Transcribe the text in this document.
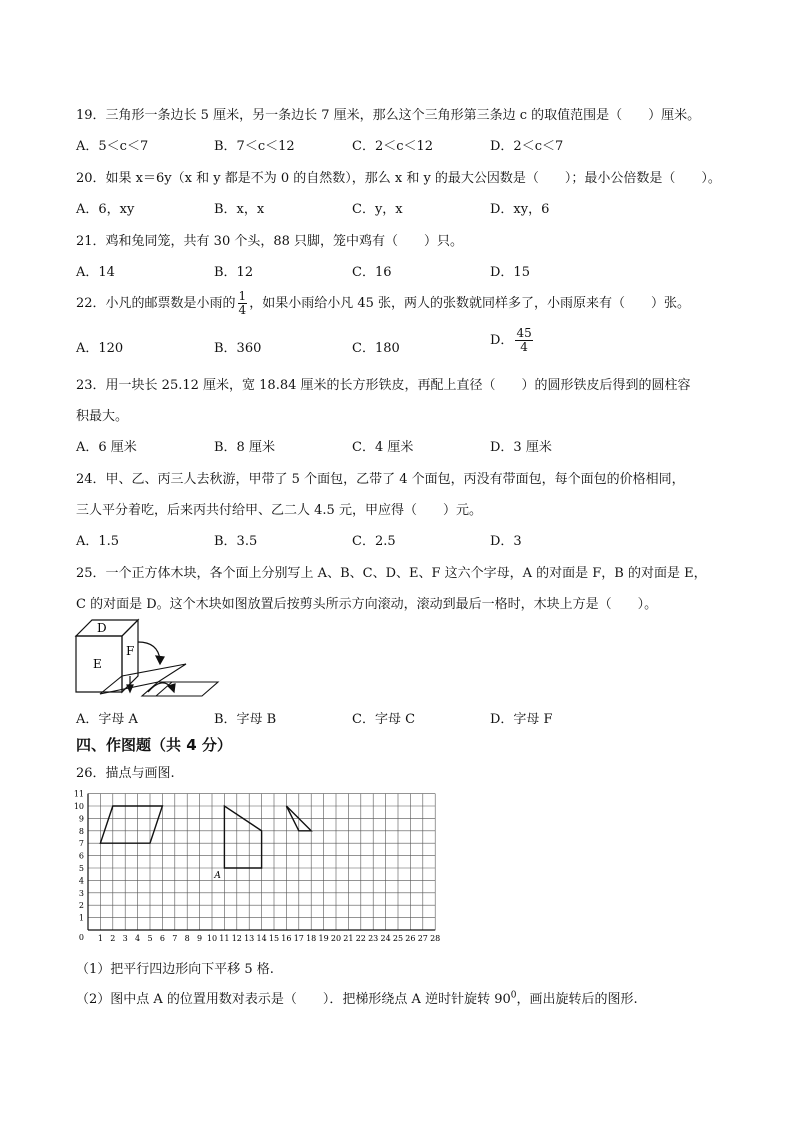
19．三角形一条边长 5 厘米，另一条边长 7 厘米，那么这个三角形第三条边 c 的取值范围是（　　）厘米。
A．5＜c＜7	B．7＜c＜12	C．2＜c＜12	D．2＜c＜7
20．如果 x＝6y（x 和 y 都是不为 0 的自然数），那么 x 和 y 的最大公因数是（　　）；最小公倍数是（　　）。
A．6，xy	B．x，x	C．y，x	D．xy，6
21．鸡和兔同笼，共有 30 个头，88 只脚，笼中鸡有（　　）只。
A．14	B．12	C．16	D．15
22．小凡的邮票数是小雨的 $\frac{1}{4}$ ，如果小雨给小凡 45 张，两人的张数就同样多了，小雨原来有（　　）张。
A．120	B．360	C．180
D． $\frac{45}{4}$
23．用一块长 25.12 厘米，宽 18.84 厘米的长方形铁皮，再配上直径（　　）的圆形铁皮后得到的圆柱容
积最大。
A．6 厘米	B．8 厘米	C．4 厘米	D．3 厘米
24．甲、乙、丙三人去秋游，甲带了 5 个面包，乙带了 4 个面包，丙没有带面包，每个面包的价格相同，
三人平分着吃，后来丙共付给甲、乙二人 4.5 元，甲应得（　　）元。
A．1.5	B．3.5	C．2.5	D．3
25．一个正方体木块，各个面上分别写上 A、B、C、D、E、F 这六个字母，A 的对面是 F，B 的对面是 E，
C 的对面是 D。这个木块如图放置后按剪头所示方向滚动，滚动到最后一格时，木块上方是（　　）。
D
E
F
A．字母 A	B．字母 B	C．字母 C	D．字母 F
四、作图题（共 4 分）
26．描点与画图.
1 2 3 4 5 6 7 8 9 10 11 12 13 14 15 16 17 18 19 20 21 22 23 24 25 26 27 28
1
2
3
4
5
6
7
8
9
10
11
0
A
（1）把平行四边形向下平移 5 格.
（2）图中点 A 的位置用数对表示是（　　）．把梯形绕点 A 逆时针旋转 $90^0$，画出旋转后的图形.
